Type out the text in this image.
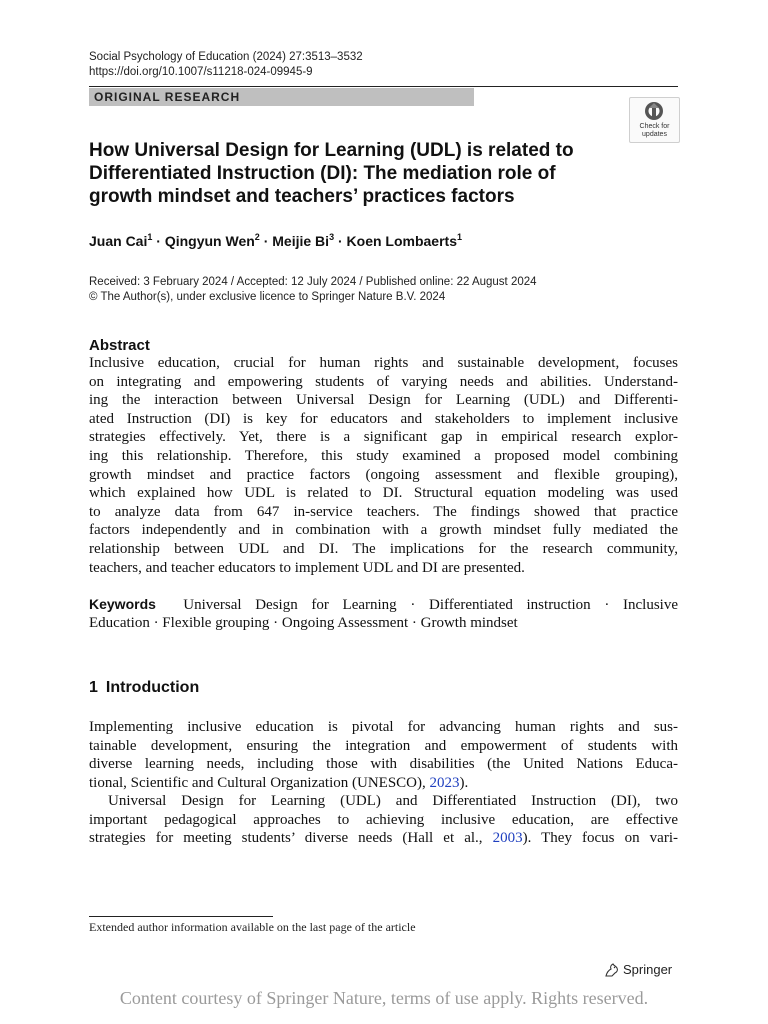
Social Psychology of Education (2024) 27:3513–3532
https://doi.org/10.1007/s11218-024-09945-9
ORIGINAL RESEARCH
Check for
updates
How Universal Design for Learning (UDL) is related to
Differentiated Instruction (DI): The mediation role of
growth mindset and teachers’ practices factors
Juan Cai$^1$ · Qingyun Wen$^2$ · Meijie $Bi^3$ · Koen Lombaerts$^1$
Received: 3 February 2024 / Accepted: 12 July 2024 / Published online: 22 August 2024
© The Author(s), under exclusive licence to Springer Nature B.V. 2024
Abstract
Inclusive education, crucial for human rights and sustainable development, focuses
on integrating and empowering students of varying needs and abilities. Understand-
ing the interaction between Universal Design for Learning (UDL) and Differenti-
ated Instruction (DI) is key for educators and stakeholders to implement inclusive
strategies effectively. Yet, there is a significant gap in empirical research explor-
ing this relationship. Therefore, this study examined a proposed model combining
growth mindset and practice factors (ongoing assessment and flexible grouping),
which explained how UDL is related to DI. Structural equation modeling was used
to analyze data from 647 in-service teachers. The findings showed that practice
factors independently and in combination with a growth mindset fully mediated the
relationship between UDL and DI. The implications for the research community,
teachers, and teacher educators to implement UDL and DI are presented.
Keywords Universal Design for Learning · Differentiated instruction · Inclusive
Education · Flexible grouping · Ongoing Assessment · Growth mindset
1 Introduction
Implementing inclusive education is pivotal for advancing human rights and sus-
tainable development, ensuring the integration and empowerment of students with
diverse learning needs, including those with disabilities (the United Nations Educa-
tional, Scientific and Cultural Organization (UNESCO), 2023).
Universal Design for Learning (UDL) and Differentiated Instruction (DI), two
important pedagogical approaches to achieving inclusive education, are effective
strategies for meeting students’ diverse needs (Hall et al., 2003). They focus on vari-
Extended author information available on the last page of the article
Springer
Content courtesy of Springer Nature, terms of use apply. Rights reserved.
